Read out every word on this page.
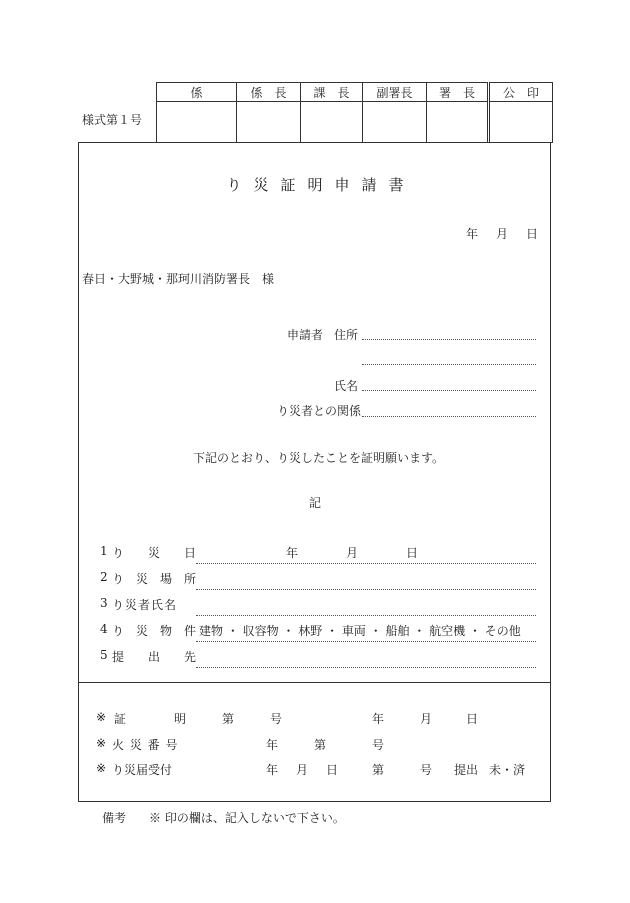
様式第１号
係	係　長	課　長	副署長	署　長	公　印

り災証明申請書
年 月 日
春日・大野城・那珂川消防署長　様
申請者 住所
氏名
り災者との関係
下記のとおり、り災したことを証明願います。
記
1 り　　災　　日	年　　　　月　　　　日
2 り　災　場　所
3 り災者氏名
4 り　災　物　件 建物 ・ 収容物 ・ 林野 ・ 車両 ・ 船舶 ・ 航空機 ・ その他
5 提　　出　　先
※ 証　　　　明	第	号	年	月	日
※ 火 災 番 号	年	第	号
※ り災届受付	年 月 日	第	号 提出 未・済
備考 ※ 印の欄は、記入しないで下さい。
